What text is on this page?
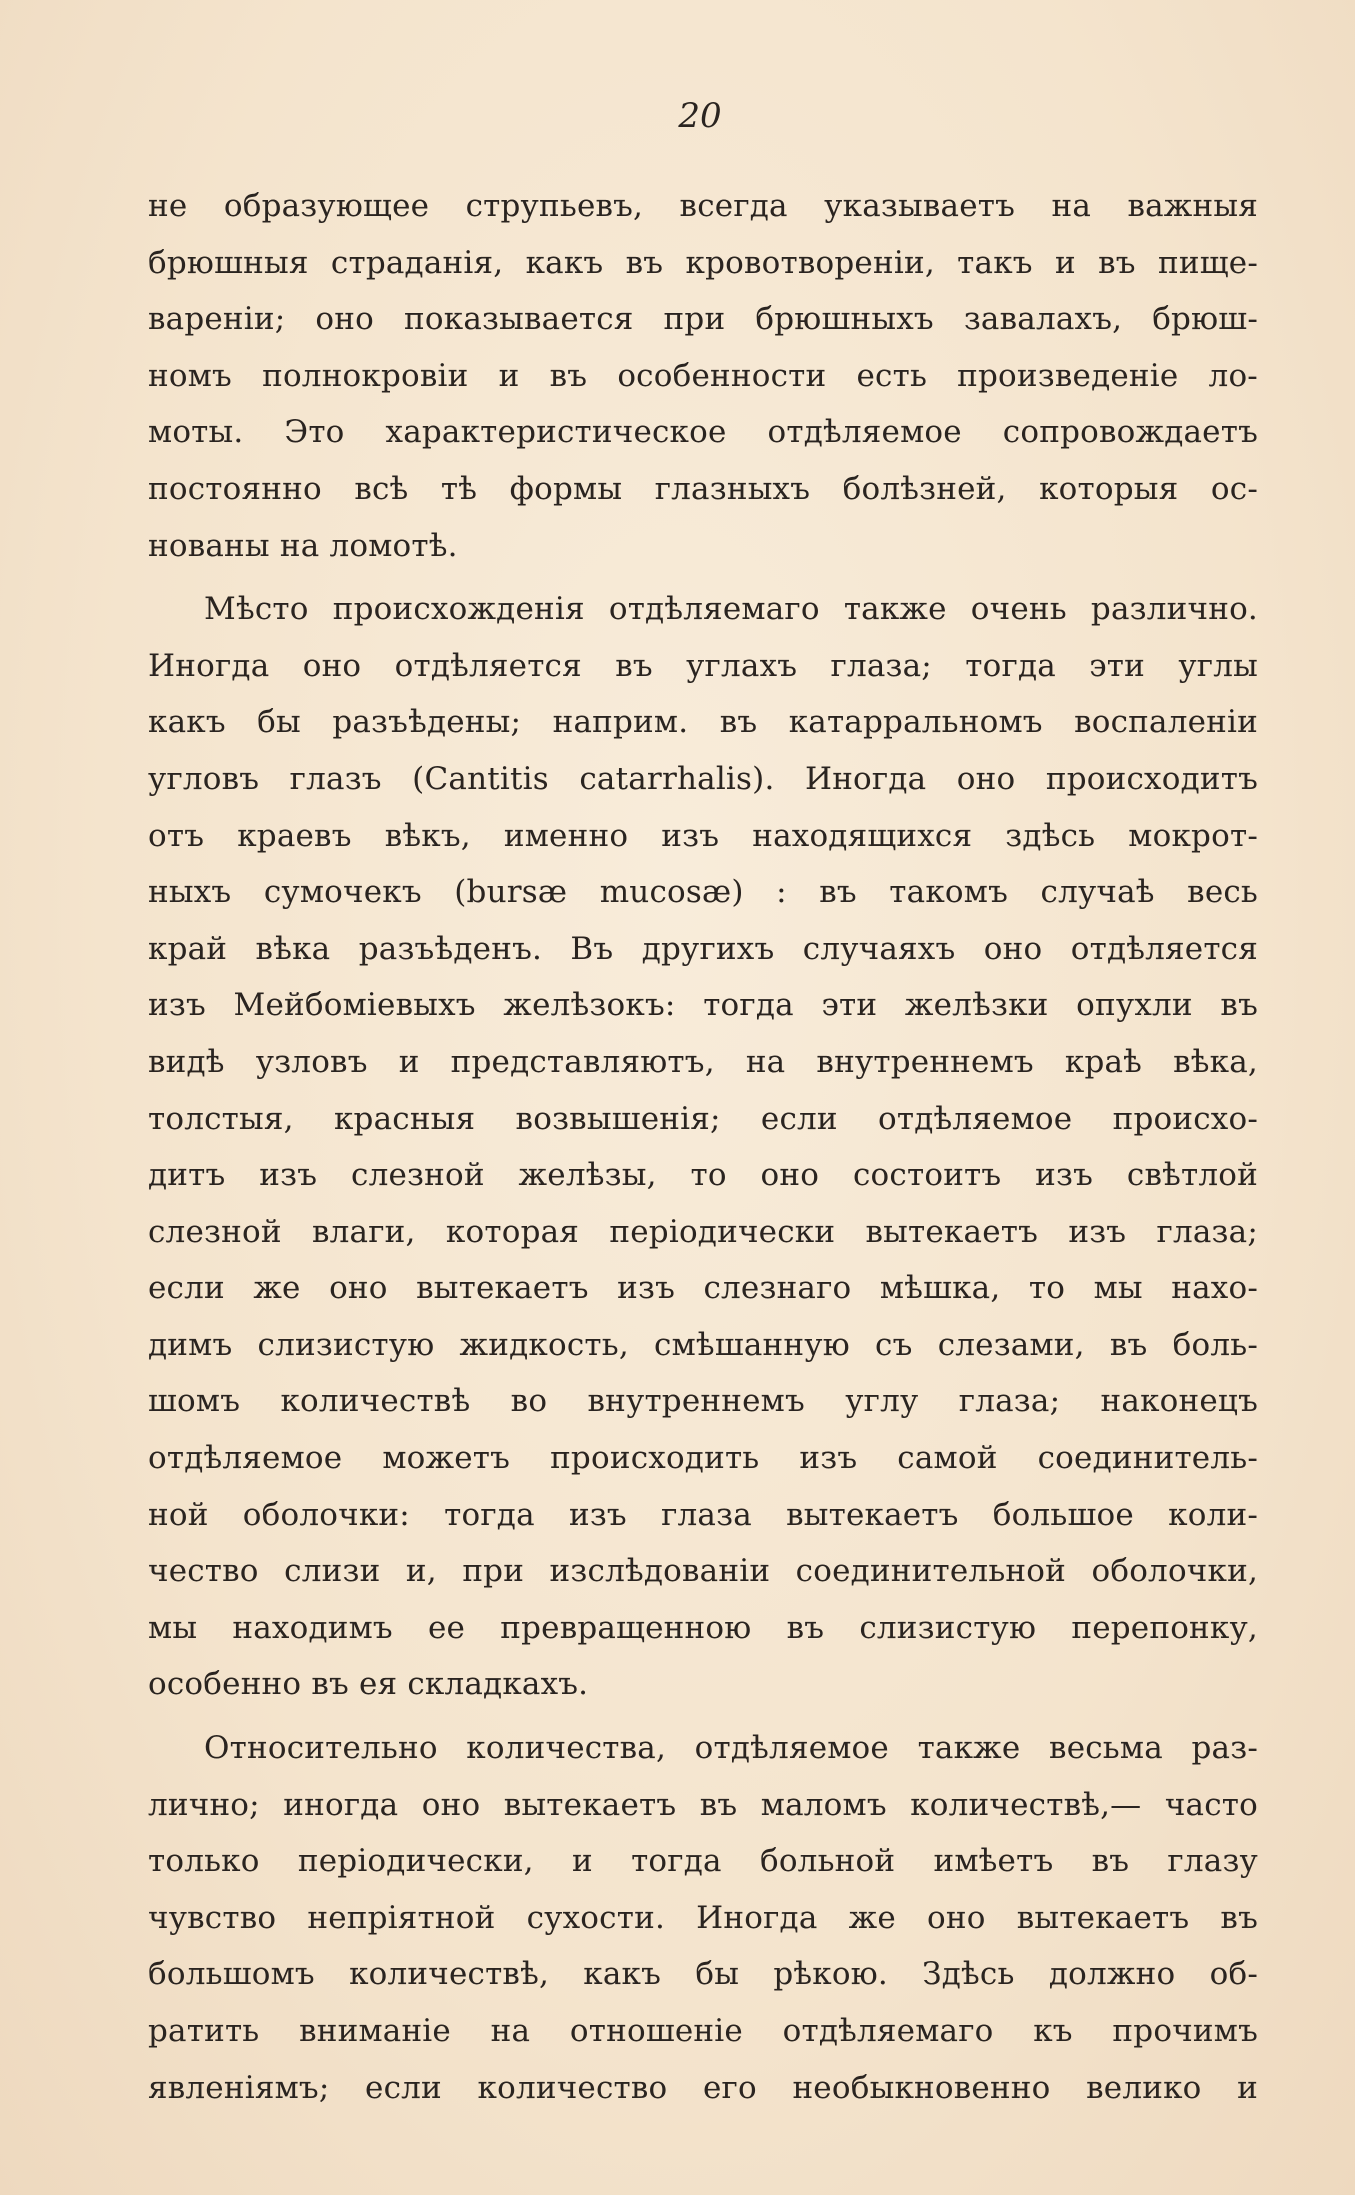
20
не образующее струпьевъ, всегда указываетъ на важныя
брюшныя страданія, какъ въ кровотвореніи, такъ и въ пище-
вареніи; оно показывается при брюшныхъ завалахъ, брюш-
номъ полнокровіи и въ особенности есть произведеніе ло-
моты. Это характеристическое отдѣляемое сопровождаетъ
постоянно всѣ тѣ формы глазныхъ болѣзней, которыя ос-
нованы на ломотѣ.
Мѣсто происхожденія отдѣляемаго также очень различно.
Иногда оно отдѣляется въ углахъ глаза; тогда эти углы
какъ бы разъѣдены; наприм. въ катарральномъ воспаленіи
угловъ глазъ (Cantitis catarrhalis). Иногда оно происходитъ
отъ краевъ вѣкъ, именно изъ находящихся здѣсь мокрот-
ныхъ сумочекъ (bursæ mucosæ) : въ такомъ случаѣ весь
край вѣка разъѣденъ. Въ другихъ случаяхъ оно отдѣляется
изъ Мейбоміевыхъ желѣзокъ: тогда эти желѣзки опухли въ
видѣ узловъ и представляютъ, на внутреннемъ краѣ вѣка,
толстыя, красныя возвышенія; если отдѣляемое происхо-
дитъ изъ слезной желѣзы, то оно состоитъ изъ свѣтлой
слезной влаги, которая періодически вытекаетъ изъ глаза;
если же оно вытекаетъ изъ слезнаго мѣшка, то мы нахо-
димъ слизистую жидкость, смѣшанную съ слезами, въ боль-
шомъ количествѣ во внутреннемъ углу глаза; наконецъ
отдѣляемое можетъ происходить изъ самой соединитель-
ной оболочки: тогда изъ глаза вытекаетъ большое коли-
чество слизи и, при изслѣдованіи соединительной оболочки,
мы находимъ ее превращенною въ слизистую перепонку,
особенно въ ея складкахъ.
Относительно количества, отдѣляемое также весьма раз-
лично; иногда оно вытекаетъ въ маломъ количествѣ,— часто
только періодически, и тогда больной имѣетъ въ глазу
чувство непріятной сухости. Иногда же оно вытекаетъ въ
большомъ количествѣ, какъ бы рѣкою. Здѣсь должно об-
ратить вниманіе на отношеніе отдѣляемаго къ прочимъ
явленіямъ; если количество его необыкновенно велико и
